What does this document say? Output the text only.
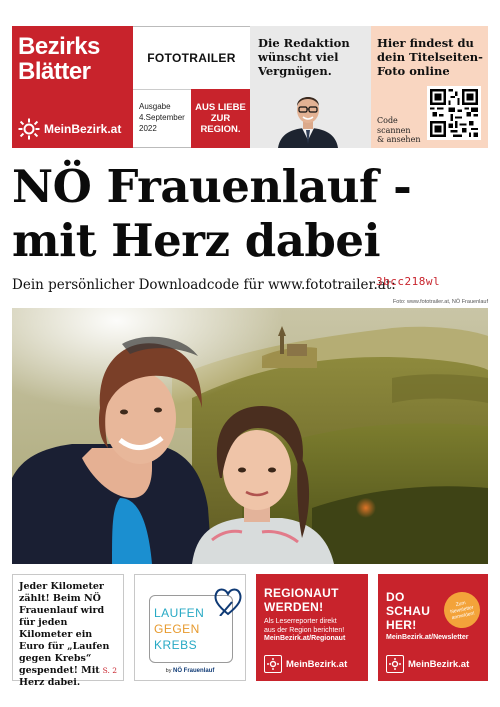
Bezirks
Blätter
MeinBezirk.at
FOTOTRAILER
Ausgabe
4.September
2022
AUS LIEBE
ZUR
REGION.
Die Redaktion
wünscht viel
Vergnügen.
Hier findest du
dein Titelseiten-
Foto online
Code
scannen
& ansehen
NÖ Frauenlauf -
mit Herz dabei
Dein persönlicher Downloadcode für www.fototrailer.at:
3bcc218wl
Foto: www.fototrailer.at, NÖ Frauenlauf
Jeder Kilometer zählt! Beim NÖ Frauenlauf wird für jeden Kilometer ein Euro für „Laufen gegen Krebs“ gespendet! Mit Herz dabei.
S. 2
LAUFEN
GEGEN
KREBS
by NÖ Frauenlauf
REGIONAUT
WERDEN!
Als Leserreporter direkt
aus der Region berichten!
MeinBezirk.at/Regionaut
MeinBezirk.at
DO
SCHAU
HER!
Zum Newsletter anmelden!
MeinBezirk.at/Newsletter
MeinBezirk.at
